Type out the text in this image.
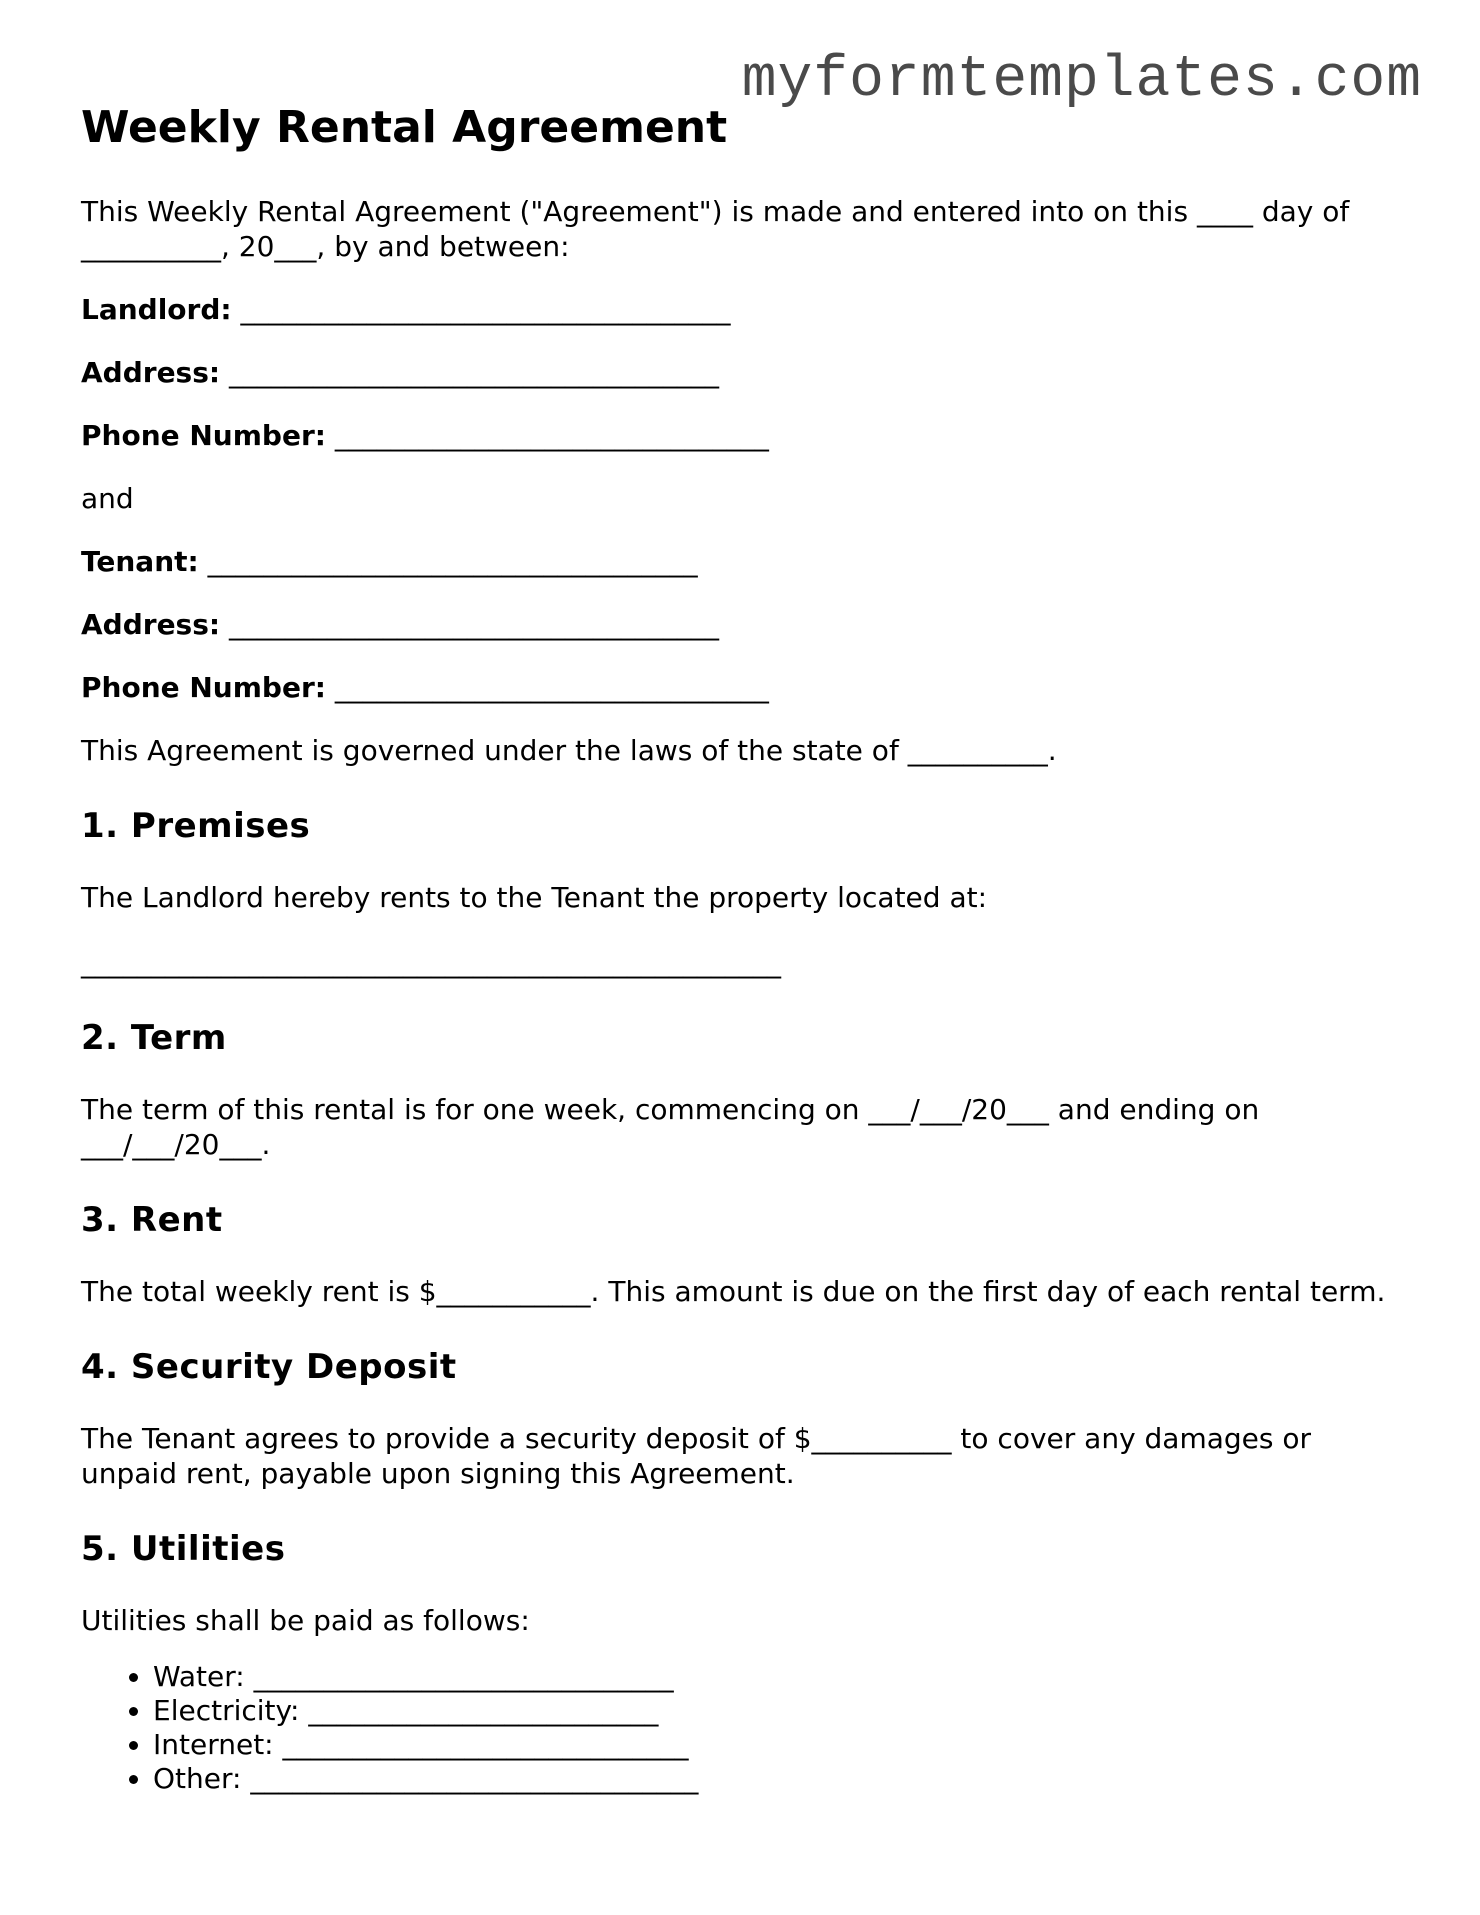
myformtemplates.com
Weekly Rental Agreement

This Weekly Rental Agreement ("Agreement") is made and entered into on this ____ day of __________, 20___, by and between:

Landlord: ___________________________________
Address: ___________________________________
Phone Number: _______________________________

and

Tenant: ___________________________________
Address: ___________________________________
Phone Number: _______________________________

This Agreement is governed under the laws of the state of __________.

1. Premises

The Landlord hereby rents to the Tenant the property located at:

__________________________________________________

2. Term

The term of this rental is for one week, commencing on ___/___/20___ and ending on ___/___/20___.

3. Rent

The total weekly rent is $___________. This amount is due on the first day of each rental term.

4. Security Deposit

The Tenant agrees to provide a security deposit of $__________ to cover any damages or unpaid rent, payable upon signing this Agreement.

5. Utilities

Utilities shall be paid as follows:

• Water: ______________________________
• Electricity: _________________________
• Internet: _____________________________
• Other: ________________________________
